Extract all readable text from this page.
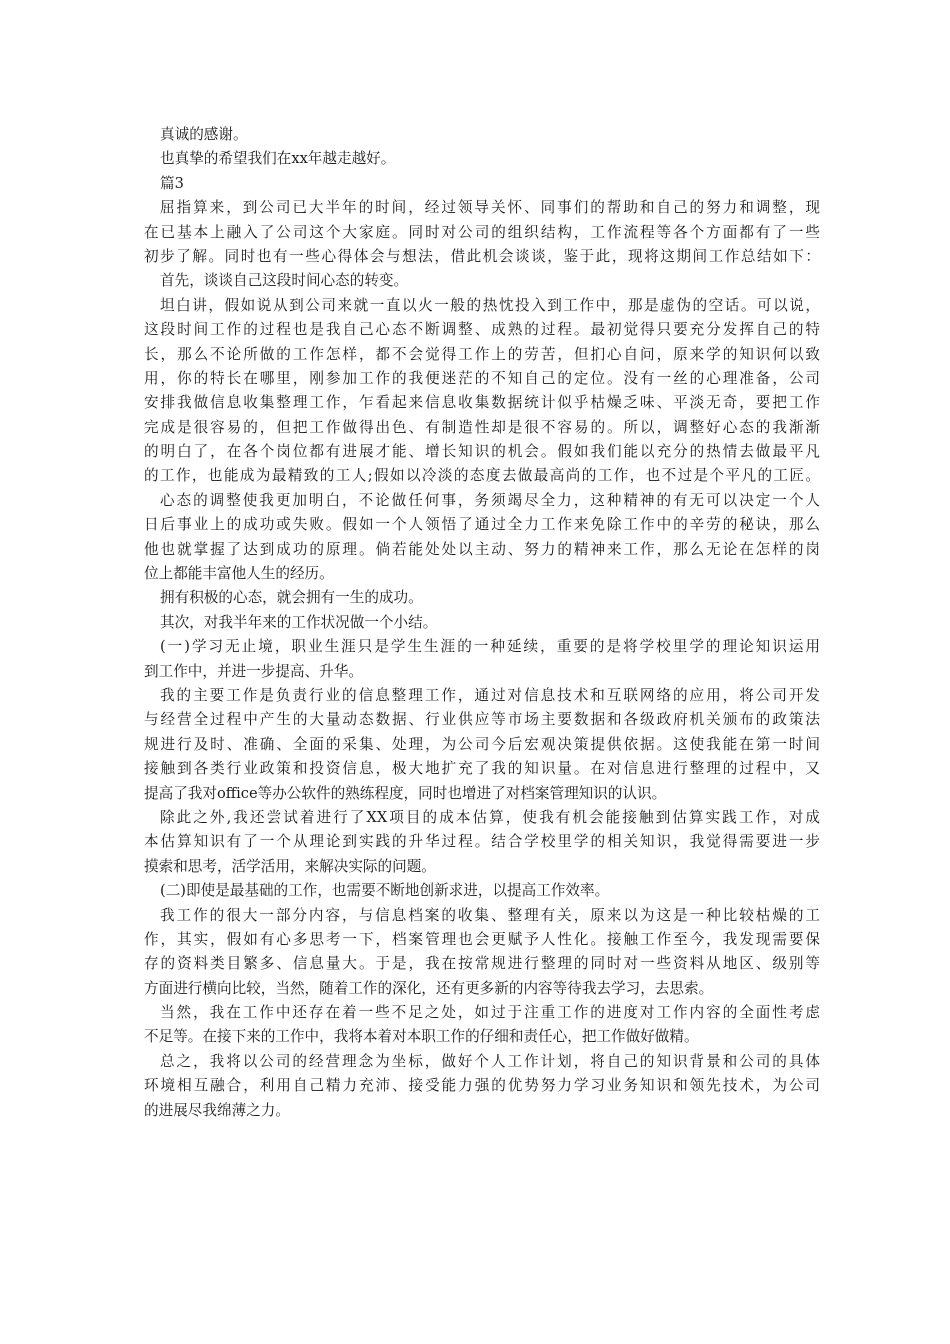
真诚的感谢。
也真挚的希望我们在xx年越走越好。
篇3
屈指算来，到公司已大半年的时间，经过领导关怀、同事们的帮助和自己的努力和调整，现
在已基本上融入了公司这个大家庭。同时对公司的组织结构，工作流程等各个方面都有了一些
初步了解。同时也有一些心得体会与想法，借此机会谈谈，鉴于此，现将这期间工作总结如下：
首先，谈谈自己这段时间心态的转变。
坦白讲，假如说从到公司来就一直以火一般的热忱投入到工作中，那是虚伪的空话。可以说，
这段时间工作的过程也是我自己心态不断调整、成熟的过程。最初觉得只要充分发挥自己的特
长，那么不论所做的工作怎样，都不会觉得工作上的劳苦，但扪心自问，原来学的知识何以致
用，你的特长在哪里，刚参加工作的我便迷茫的不知自己的定位。没有一丝的心理准备，公司
安排我做信息收集整理工作，乍看起来信息收集数据统计似乎枯燥乏味、平淡无奇，要把工作
完成是很容易的，但把工作做得出色、有制造性却是很不容易的。所以，调整好心态的我渐渐
的明白了，在各个岗位都有进展才能、增长知识的机会。假如我们能以充分的热情去做最平凡
的工作，也能成为最精致的工人;假如以冷淡的态度去做最高尚的工作，也不过是个平凡的工匠。
心态的调整使我更加明白，不论做任何事，务须竭尽全力，这种精神的有无可以决定一个人
日后事业上的成功或失败。假如一个人领悟了通过全力工作来免除工作中的辛劳的秘诀，那么
他也就掌握了达到成功的原理。倘若能处处以主动、努力的精神来工作，那么无论在怎样的岗
位上都能丰富他人生的经历。
拥有积极的心态，就会拥有一生的成功。
其次，对我半年来的工作状况做一个小结。
(一)学习无止境，职业生涯只是学生生涯的一种延续，重要的是将学校里学的理论知识运用
到工作中，并进一步提高、升华。
我的主要工作是负责行业的信息整理工作，通过对信息技术和互联网络的应用，将公司开发
与经营全过程中产生的大量动态数据、行业供应等市场主要数据和各级政府机关颁布的政策法
规进行及时、准确、全面的采集、处理，为公司今后宏观决策提供依据。这使我能在第一时间
接触到各类行业政策和投资信息，极大地扩充了我的知识量。在对信息进行整理的过程中，又
提高了我对office等办公软件的熟练程度，同时也增进了对档案管理知识的认识。
除此之外,我还尝试着进行了XX项目的成本估算，使我有机会能接触到估算实践工作，对成
本估算知识有了一个从理论到实践的升华过程。结合学校里学的相关知识，我觉得需要进一步
摸索和思考，活学活用，来解决实际的问题。
(二)即使是最基础的工作，也需要不断地创新求进，以提高工作效率。
我工作的很大一部分内容，与信息档案的收集、整理有关，原来以为这是一种比较枯燥的工
作，其实，假如有心多思考一下，档案管理也会更赋予人性化。接触工作至今，我发现需要保
存的资料类目繁多、信息量大。于是，我在按常规进行整理的同时对一些资料从地区、级别等
方面进行横向比较，当然，随着工作的深化，还有更多新的内容等待我去学习，去思索。
当然，我在工作中还存在着一些不足之处，如过于注重工作的进度对工作内容的全面性考虑
不足等。在接下来的工作中，我将本着对本职工作的仔细和责任心，把工作做好做精。
总之，我将以公司的经营理念为坐标，做好个人工作计划，将自己的知识背景和公司的具体
环境相互融合，利用自己精力充沛、接受能力强的优势努力学习业务知识和领先技术，为公司
的进展尽我绵薄之力。
